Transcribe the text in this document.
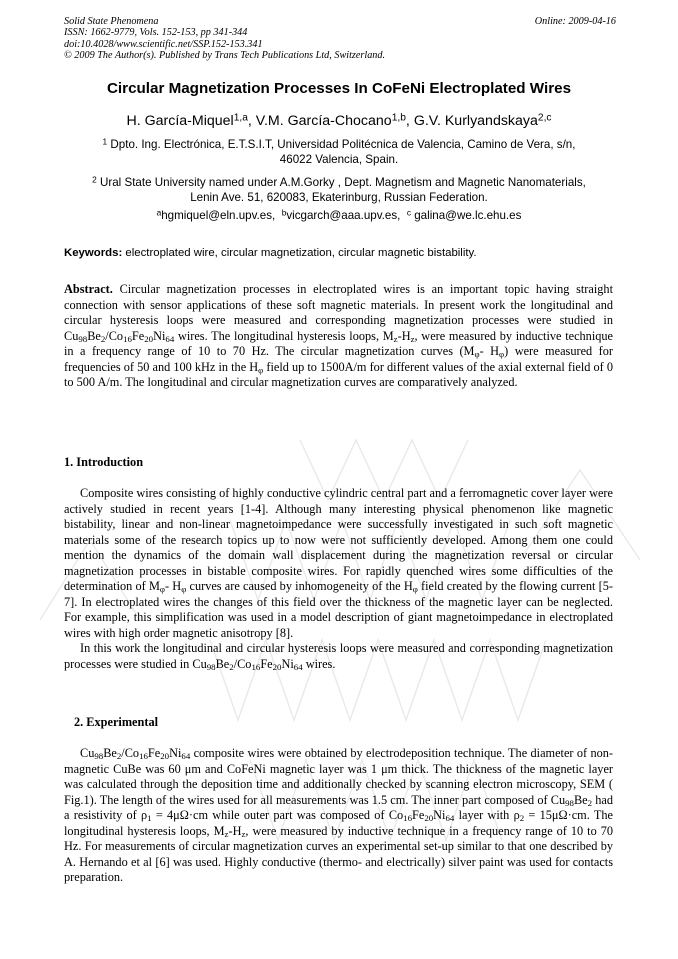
Solid State Phenomena
ISSN: 1662-9779, Vols. 152-153, pp 341-344
doi:10.4028/www.scientific.net/SSP.152-153.341
© 2009 The Author(s). Published by Trans Tech Publications Ltd, Switzerland.
Online: 2009-04-16
Circular Magnetization Processes In CoFeNi Electroplated Wires
H. García-Miquel$^{1,a}$, V.M. García-Chocano$^{1,b}$, G.V. Kurlyandskaya$^{2,c}$
$^1$ Dpto. Ing. Electrónica, E.T.S.I.T, Universidad Politécnica de Valencia, Camino de Vera, s/n,
46022 Valencia, Spain.
$^2$ Ural State University named under A.M.Gorky , Dept. Magnetism and Magnetic Nanomaterials,
Lenin Ave. 51, 620083, Ekaterinburg, Russian Federation.
$^a$hgmiquel@eln.upv.es, $^b$vicgarch@aaa.upv.es, $^c$ galina@we.lc.ehu.es
Keywords: electroplated wire, circular magnetization, circular magnetic bistability.

Abstract. Circular magnetization processes in electroplated wires is an important topic having straight connection with sensor applications of these soft magnetic materials. In present work the longitudinal and circular hysteresis loops were measured and corresponding magnetization processes were studied in $Cu_{98}Be_2/Co_{16}Fe_{20}Ni_{64}$ wires. The longitudinal hysteresis loops, $M_z-H_z$, were measured by inductive technique in a frequency range of 10 to 70 Hz. The circular magnetization curves ($M_\varphi-$ $H_\varphi$) were measured for frequencies of 50 and 100 kHz in the $H_\varphi$ field up to 1500A/m for different values of the axial external field of 0 to 500 A/m. The longitudinal and circular magnetization curves are comparatively analyzed.

1. Introduction

Composite wires consisting of highly conductive cylindric central part and a ferromagnetic cover layer were actively studied in recent years [1-4]. Although many interesting physical phenomenon like magnetic bistability, linear and non-linear magnetoimpedance were successfully investigated in such soft magnetic materials some of the research topics up to now were not sufficiently developed. Among them one could mention the dynamics of the domain wall displacement during the magnetization reversal or circular magnetization processes in bistable composite wires. For rapidly quenched wires some difficulties of the determination of $M_\varphi-$ $H_\varphi$ curves are caused by inhomogeneity of the $H_\varphi$ field created by the flowing current [5-7]. In electroplated wires the changes of this field over the thickness of the magnetic layer can be neglected. For example, this simplification was used in a model description of giant magnetoimpedance in electroplated wires with high order magnetic anisotropy [8].

In this work the longitudinal and circular hysteresis loops were measured and corresponding magnetization processes were studied in $Cu_{98}Be_2/Co_{16}Fe_{20}Ni_{64}$ wires.

2. Experimental

$Cu_{98}Be_2/Co_{16}Fe_{20}Ni_{64}$ composite wires were obtained by electrodeposition technique. The diameter of non-magnetic CuBe was 60 μm and CoFeNi magnetic layer was 1 μm thick. The thickness of the magnetic layer was calculated through the deposition time and additionally checked by scanning electron microscopy, SEM ( Fig.1). The length of the wires used for all measurements was 1.5 cm. The inner part composed of $Cu_{98}Be_2$ had a resistivity of $\rho_1 = 4\mu\Omega\cdot cm$ while outer part was composed of $Co_{16}Fe_{20}Ni_{64}$ layer with $\rho_2 = 15\mu\Omega\cdot cm$. The longitudinal hysteresis loops, $M_z-H_z$, were measured by inductive technique in a frequency range of 10 to 70 Hz. For measurements of circular magnetization curves an experimental set-up similar to that one described by A. Hernando et al [6] was used. Highly conductive (thermo- and electrically) silver paint was used for contacts preparation.
